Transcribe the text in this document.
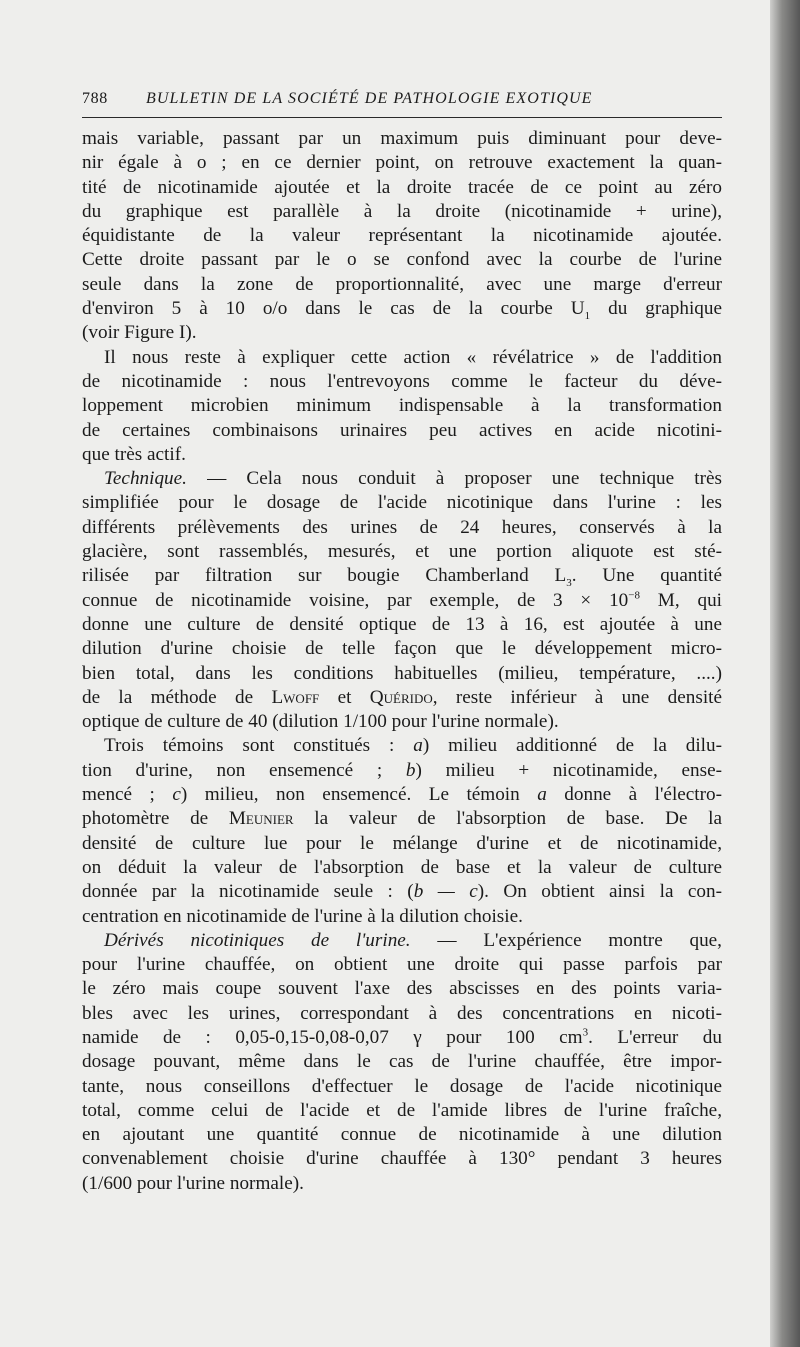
788 BULLETIN DE LA SOCIÉTÉ DE PATHOLOGIE EXOTIQUE
mais variable, passant par un maximum puis diminuant pour deve-
nir égale à o ; en ce dernier point, on retrouve exactement la quan-
tité de nicotinamide ajoutée et la droite tracée de ce point au zéro
du graphique est parallèle à la droite (nicotinamide + urine),
équidistante de la valeur représentant la nicotinamide ajoutée.
Cette droite passant par le o se confond avec la courbe de l'urine
seule dans la zone de proportionnalité, avec une marge d'erreur
d'environ 5 à 10 o/o dans le cas de la courbe $U_1$ du graphique
(voir Figure I).
Il nous reste à expliquer cette action « révélatrice » de l'addition
de nicotinamide : nous l'entrevoyons comme le facteur du déve-
loppement microbien minimum indispensable à la transformation
de certaines combinaisons urinaires peu actives en acide nicotini-
que très actif.
Technique. — Cela nous conduit à proposer une technique très
simplifiée pour le dosage de l'acide nicotinique dans l'urine : les
différents prélèvements des urines de 24 heures, conservés à la
glacière, sont rassemblés, mesurés, et une portion aliquote est sté-
rilisée par filtration sur bougie Chamberland $L_3$. Une quantité
connue de nicotinamide voisine, par exemple, de $3 \times 10^{-8}$ M, qui
donne une culture de densité optique de 13 à 16, est ajoutée à une
dilution d'urine choisie de telle façon que le développement micro-
bien total, dans les conditions habituelles (milieu, température, ....)
de la méthode de Lwoff et Quérido, reste inférieur à une densité
optique de culture de 40 (dilution 1/100 pour l'urine normale).
Trois témoins sont constitués : a) milieu additionné de la dilu-
tion d'urine, non ensemencé ; b) milieu + nicotinamide, ense-
mencé ; c) milieu, non ensemencé. Le témoin a donne à l'électro-
photomètre de Meunier la valeur de l'absorption de base. De la
densité de culture lue pour le mélange d'urine et de nicotinamide,
on déduit la valeur de l'absorption de base et la valeur de culture
donnée par la nicotinamide seule : (b — c). On obtient ainsi la con-
centration en nicotinamide de l'urine à la dilution choisie.
Dérivés nicotiniques de l'urine. — L'expérience montre que,
pour l'urine chauffée, on obtient une droite qui passe parfois par
le zéro mais coupe souvent l'axe des abscisses en des points varia-
bles avec les urines, correspondant à des concentrations en nicoti-
namide de : 0,05-0,15-0,08-0,07 γ pour 100 $cm^3$. L'erreur du
dosage pouvant, même dans le cas de l'urine chauffée, être impor-
tante, nous conseillons d'effectuer le dosage de l'acide nicotinique
total, comme celui de l'acide et de l'amide libres de l'urine fraîche,
en ajoutant une quantité connue de nicotinamide à une dilution
convenablement choisie d'urine chauffée à 130° pendant 3 heures
(1/600 pour l'urine normale).
